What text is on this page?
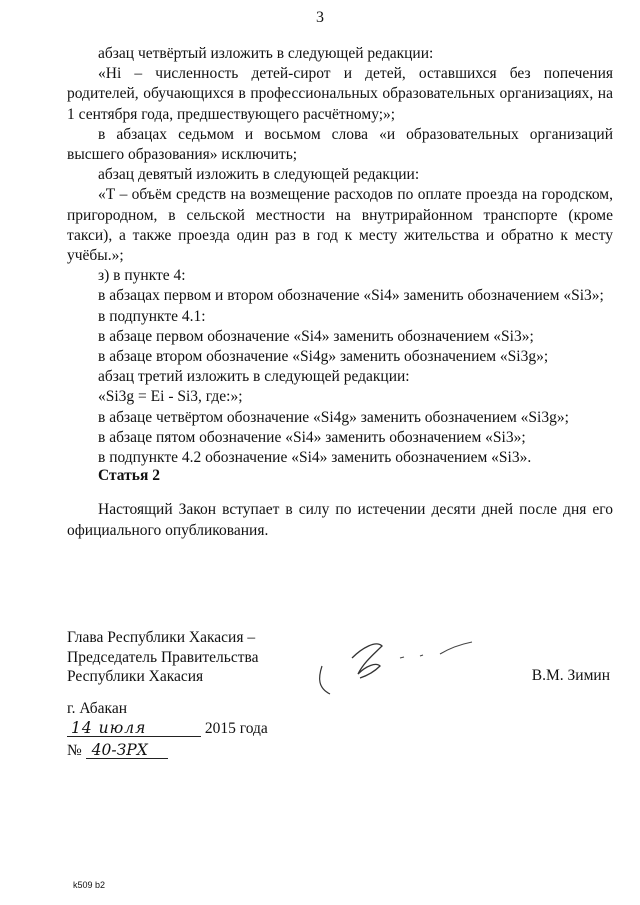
3

абзац четвёртый изложить в следующей редакции:

«Нi – численность детей-сирот и детей, оставшихся без попечения родителей, обучающихся в профессиональных образовательных организациях, на 1 сентября года, предшествующего расчётному;»;

в абзацах седьмом и восьмом слова «и образовательных организаций высшего образования» исключить;

абзац девятый изложить в следующей редакции:

«Т – объём средств на возмещение расходов по оплате проезда на городском, пригородном, в сельской местности на внутрирайонном транспорте (кроме такси), а также проезда один раз в год к месту жительства и обратно к месту учёбы.»;

з) в пункте 4:

в абзацах первом и втором обозначение «Si4» заменить обозначением «Si3»;

в подпункте 4.1:

в абзаце первом обозначение «Si4» заменить обозначением «Si3»;

в абзаце втором обозначение «Si4g» заменить обозначением «Si3g»;

абзац третий изложить в следующей редакции:

«Si3g = Ei - Si3, где:»;

в абзаце четвёртом обозначение «Si4g» заменить обозначением «Si3g»;

в абзаце пятом обозначение «Si4» заменить обозначением «Si3»;

в подпункте 4.2 обозначение «Si4» заменить обозначением «Si3».

Статья 2

Настоящий Закон вступает в силу по истечении десяти дней после дня его официального опубликования.

Глава Республики Хакасия –
Председатель Правительства
Республики Хакасия	В.М. Зимин
г. Абакан
14 июля	2015 года
№ 40-ЗРХ
k509 b2
